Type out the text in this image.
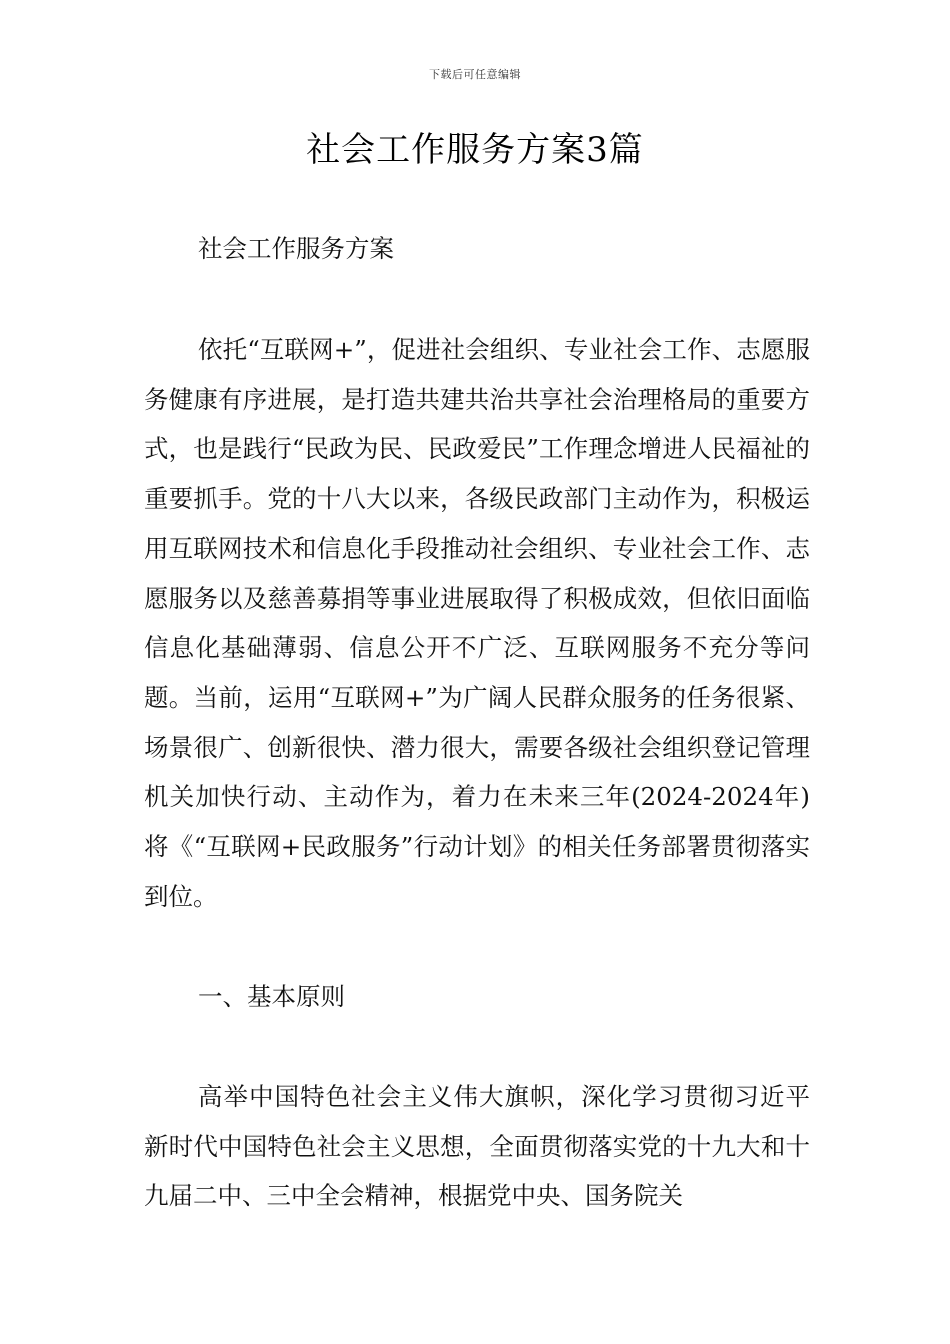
下载后可任意编辑
社会工作服务方案3篇
社会工作服务方案
依托“互联网+”，促进社会组织、专业社会工作、志愿服务健康有序进展，是打造共建共治共享社会治理格局的重要方式，也是践行“民政为民、民政爱民”工作理念增进人民福祉的重要抓手。党的十八大以来，各级民政部门主动作为，积极运用互联网技术和信息化手段推动社会组织、专业社会工作、志愿服务以及慈善募捐等事业进展取得了积极成效，但依旧面临信息化基础薄弱、信息公开不广泛、互联网服务不充分等问题。当前，运用“互联网+”为广阔人民群众服务的任务很紧、场景很广、创新很快、潜力很大，需要各级社会组织登记管理机关加快行动、主动作为，着力在未来三年(2024-2024年)将《“互联网+民政服务”行动计划》的相关任务部署贯彻落实到位。
一、基本原则
高举中国特色社会主义伟大旗帜，深化学习贯彻习近平新时代中国特色社会主义思想，全面贯彻落实党的十九大和十九届二中、三中全会精神，根据党中央、国务院关
